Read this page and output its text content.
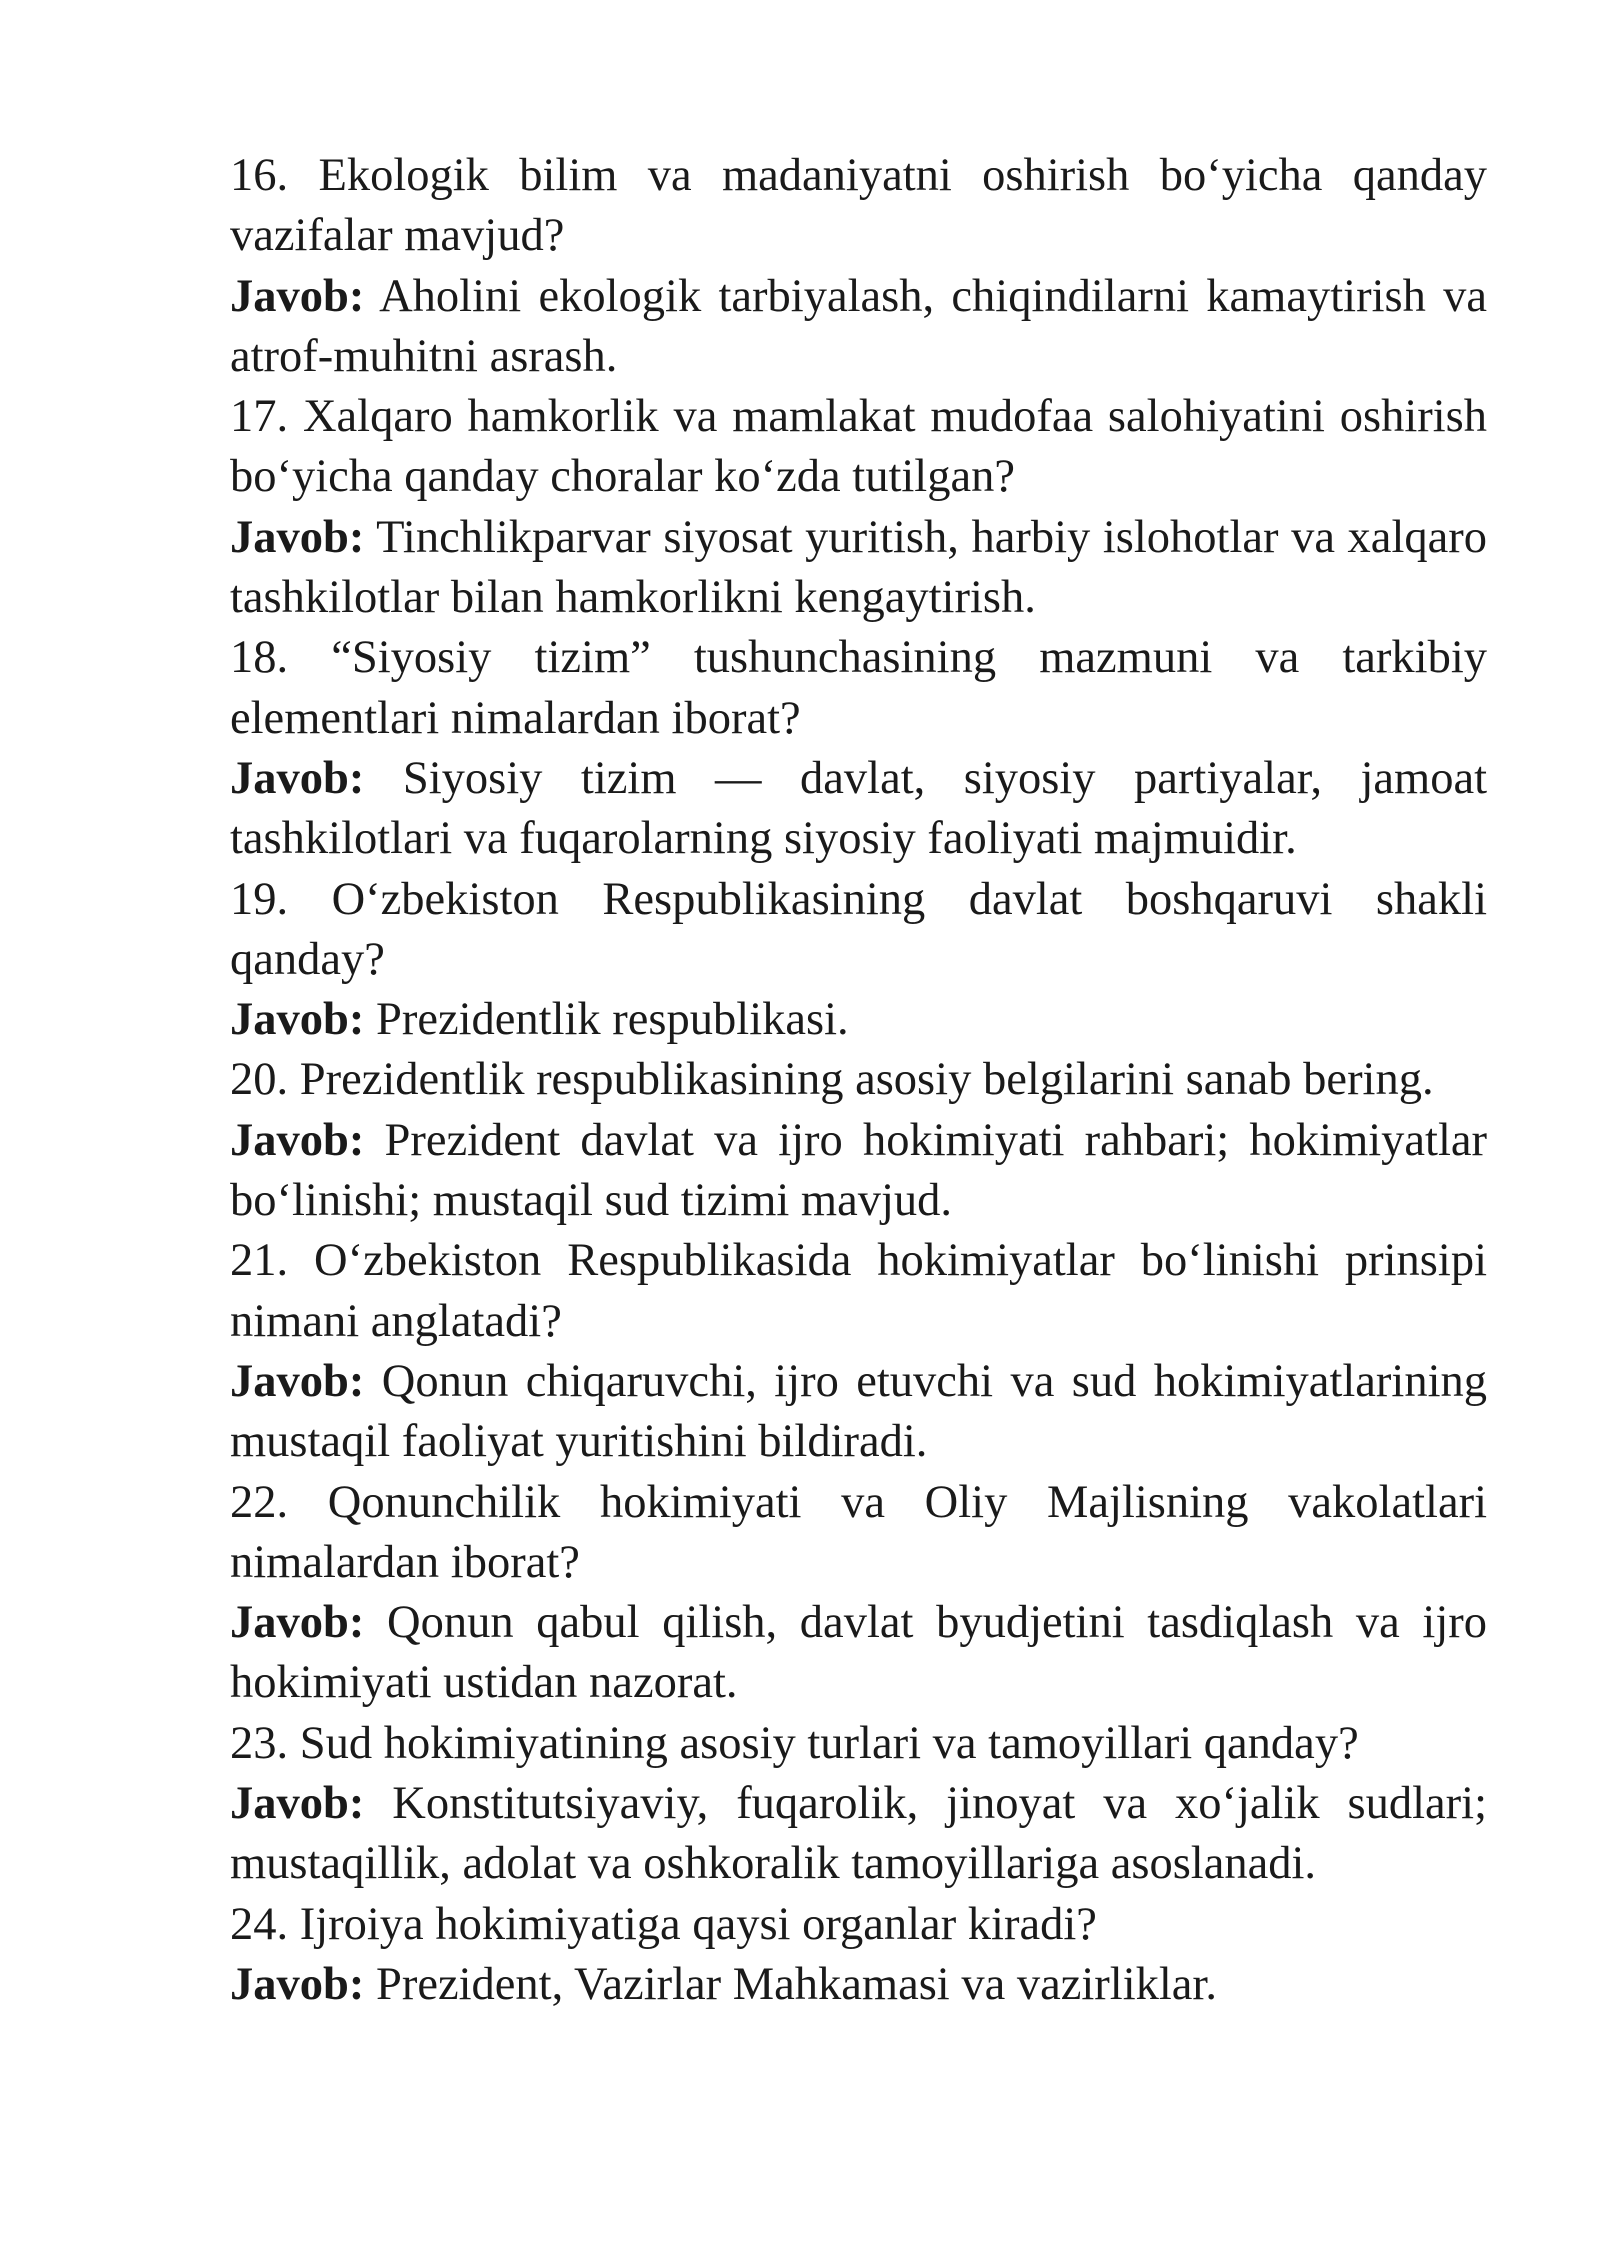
16. Ekologik bilim va madaniyatni oshirish bo‘yicha qanday vazifalar mavjud?

Javob: Aholini ekologik tarbiyalash, chiqindilarni kamaytirish va atrof-muhitni asrash.

17. Xalqaro hamkorlik va mamlakat mudofaa salohiyatini oshirish bo‘yicha qanday choralar ko‘zda tutilgan?

Javob: Tinchlikparvar siyosat yuritish, harbiy islohotlar va xalqaro tashkilotlar bilan hamkorlikni kengaytirish.

18. “Siyosiy tizim” tushunchasining mazmuni va tarkibiy elementlari nimalardan iborat?

Javob: Siyosiy tizim — davlat, siyosiy partiyalar, jamoat tashkilotlari va fuqarolarning siyosiy faoliyati majmuidir.

19. O‘zbekiston Respublikasining davlat boshqaruvi shakli qanday?

Javob: Prezidentlik respublikasi.

20. Prezidentlik respublikasining asosiy belgilarini sanab bering.

Javob: Prezident davlat va ijro hokimiyati rahbari; hokimiyatlar bo‘linishi; mustaqil sud tizimi mavjud.

21. O‘zbekiston Respublikasida hokimiyatlar bo‘linishi prinsipi nimani anglatadi?

Javob: Qonun chiqaruvchi, ijro etuvchi va sud hokimiyatlarining mustaqil faoliyat yuritishini bildiradi.

22. Qonunchilik hokimiyati va Oliy Majlisning vakolatlari nimalardan iborat?

Javob: Qonun qabul qilish, davlat byudjetini tasdiqlash va ijro hokimiyati ustidan nazorat.

23. Sud hokimiyatining asosiy turlari va tamoyillari qanday?

Javob: Konstitutsiyaviy, fuqarolik, jinoyat va xo‘jalik sudlari; mustaqillik, adolat va oshkoralik tamoyillariga asoslanadi.

24. Ijroiya hokimiyatiga qaysi organlar kiradi?

Javob: Prezident, Vazirlar Mahkamasi va vazirliklar.
